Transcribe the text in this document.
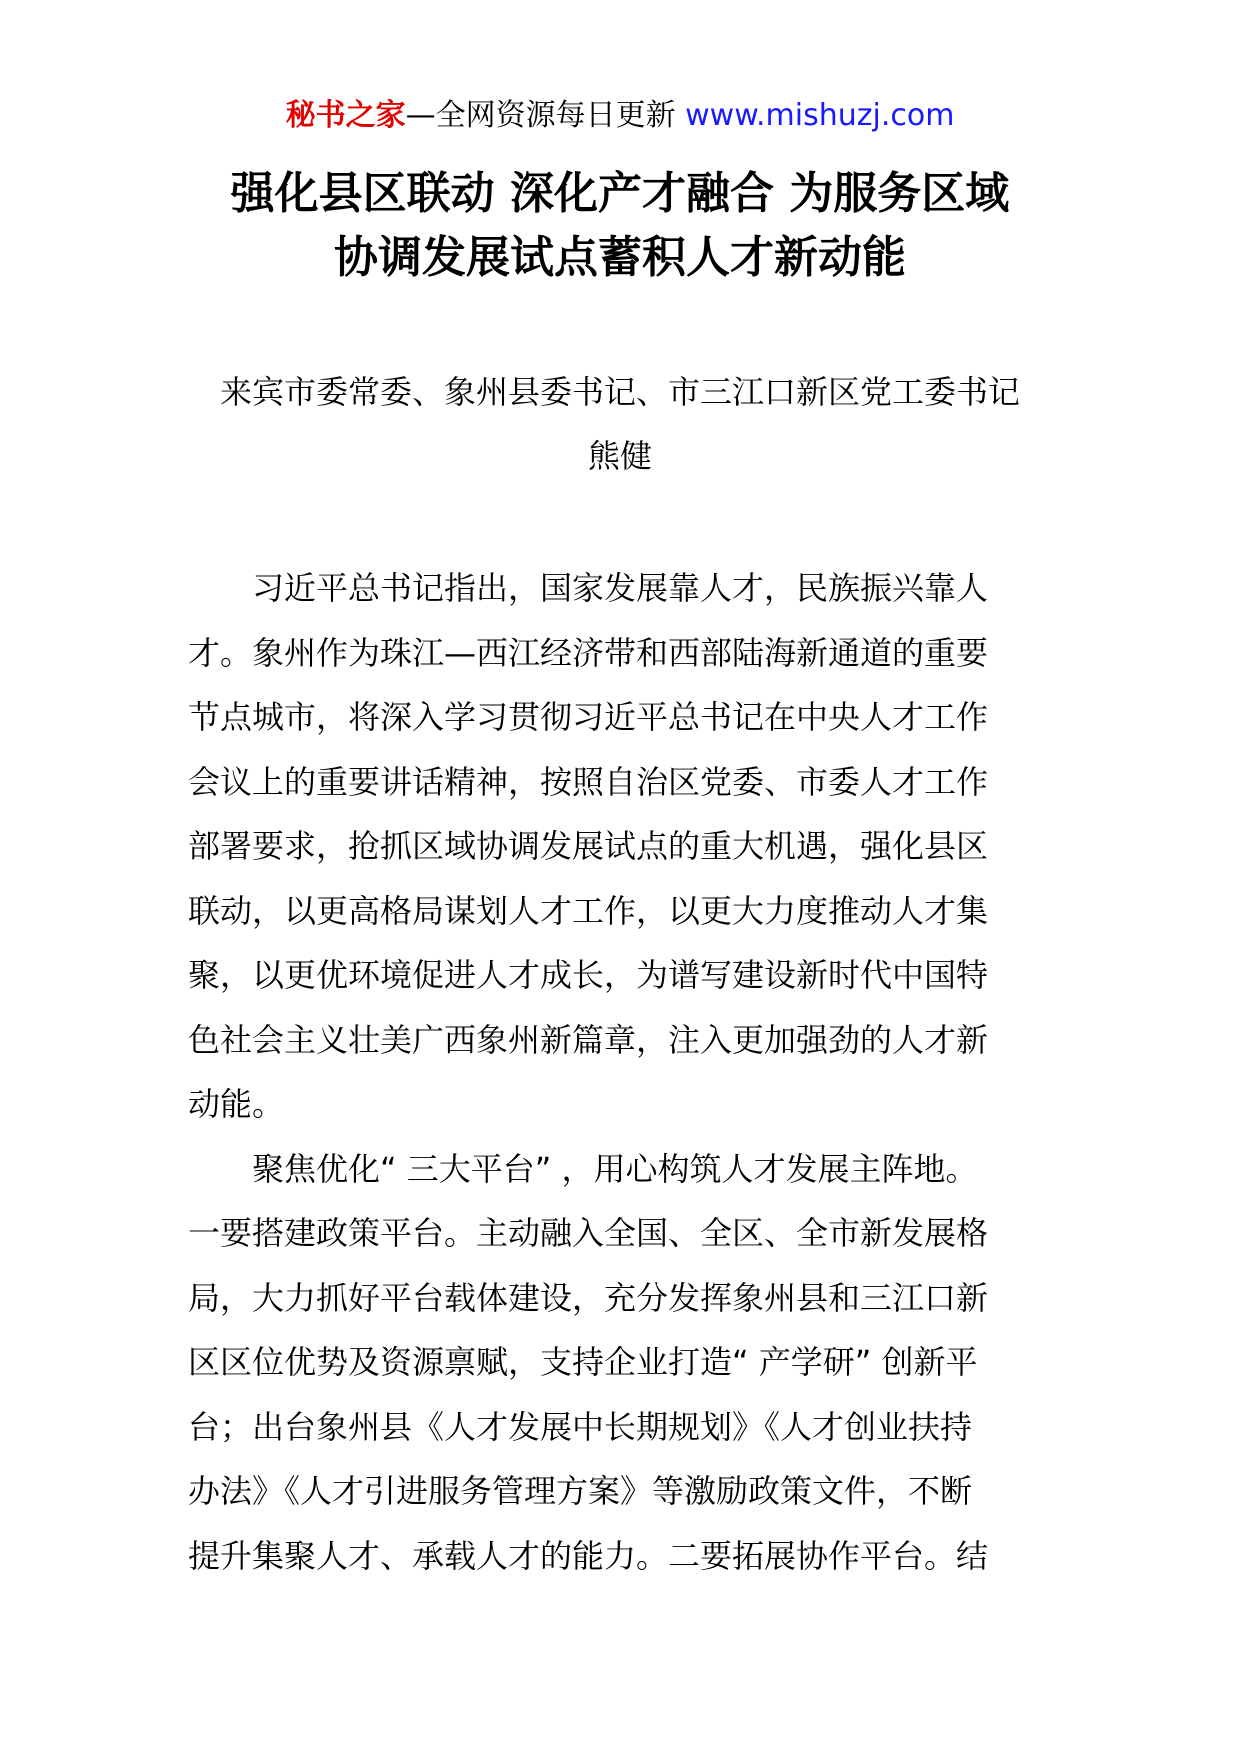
秘书之家—全网资源每日更新 www.mishuzj.com
强化县区联动 深化产才融合 为服务区域
协调发展试点蓄积人才新动能
来宾市委常委、象州县委书记、市三江口新区党工委书记
熊健
习近平总书记指出，国家发展靠人才，民族振兴靠人
才。象州作为珠江—西江经济带和西部陆海新通道的重要
节点城市，将深入学习贯彻习近平总书记在中央人才工作
会议上的重要讲话精神，按照自治区党委、市委人才工作
部署要求，抢抓区域协调发展试点的重大机遇，强化县区
联动，以更高格局谋划人才工作，以更大力度推动人才集
聚，以更优环境促进人才成长，为谱写建设新时代中国特
色社会主义壮美广西象州新篇章，注入更加强劲的人才新
动能。
聚焦优化“ 三大平台” ，用心构筑人才发展主阵地。
一要搭建政策平台。主动融入全国、全区、全市新发展格
局，大力抓好平台载体建设，充分发挥象州县和三江口新
区区位优势及资源禀赋，支持企业打造“ 产学研” 创新平
台；出台象州县《人才发展中长期规划》《人才创业扶持
办法》《人才引进服务管理方案》等激励政策文件，不断
提升集聚人才、承载人才的能力。二要拓展协作平台。结
